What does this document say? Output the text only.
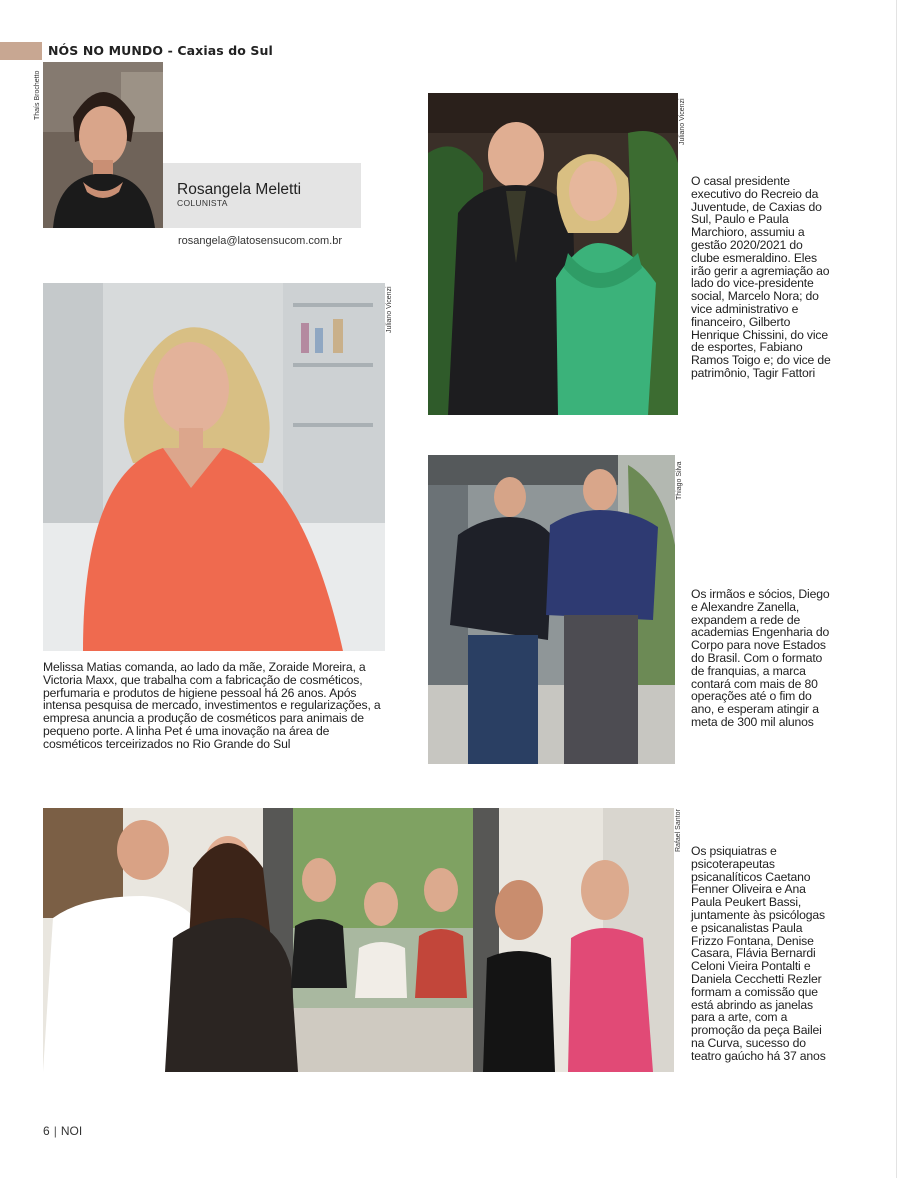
NÓS NO MUNDO - Caxias do Sul
Thaís Brochetto
Rosangela Meletti
COLUNISTA
rosangela@latosensucom.com.br
Juliano Vicenzi

Melissa Matias comanda, ao lado da mãe, Zoraide Moreira, a Victoria Maxx, que trabalha com a fabricação de cosméticos, perfumaria e produtos de higiene pessoal há 26 anos. Após intensa pesquisa de mercado, investimentos e regularizações, a empresa anuncia a produção de cosméticos para animais de pequeno porte. A linha Pet é uma inovação na área de cosméticos terceirizados no Rio Grande do Sul

Juliano Vicenzi

O casal presidente executivo do Recreio da Juventude, de Caxias do Sul, Paulo e Paula Marchioro, assumiu a gestão 2020/2021 do clube esmeraldino. Eles irão gerir a agremiação ao lado do vice-presidente social, Marcelo Nora; do vice administrativo e financeiro, Gilberto Henrique Chissini, do vice de esportes, Fabiano Ramos Toigo e; do vice de patrimônio, Tagir Fattori

Thiago Silva

Os irmãos e sócios, Diego e Alexandre Zanella, expandem a rede de academias Engenharia do Corpo para nove Estados do Brasil. Com o formato de franquias, a marca contará com mais de 80 operações até o fim do ano, e esperam atingir a meta de 300 mil alunos

Rafael Santor Os psiquiatras e psicoterapeutas psicanalíticos Caetano Fenner Oliveira e Ana Paula Peukert Bassi, juntamente às psicólogas e psicanalistas Paula Frizzo Fontana, Denise Casara, Flávia Bernardi Celoni Vieira Pontalti e Daniela Cecchetti Rezler formam a comissão que está abrindo as janelas para a arte, com a promoção da peça Bailei na Curva, sucesso do teatro gaúcho há 37 anos

6 | NOI
